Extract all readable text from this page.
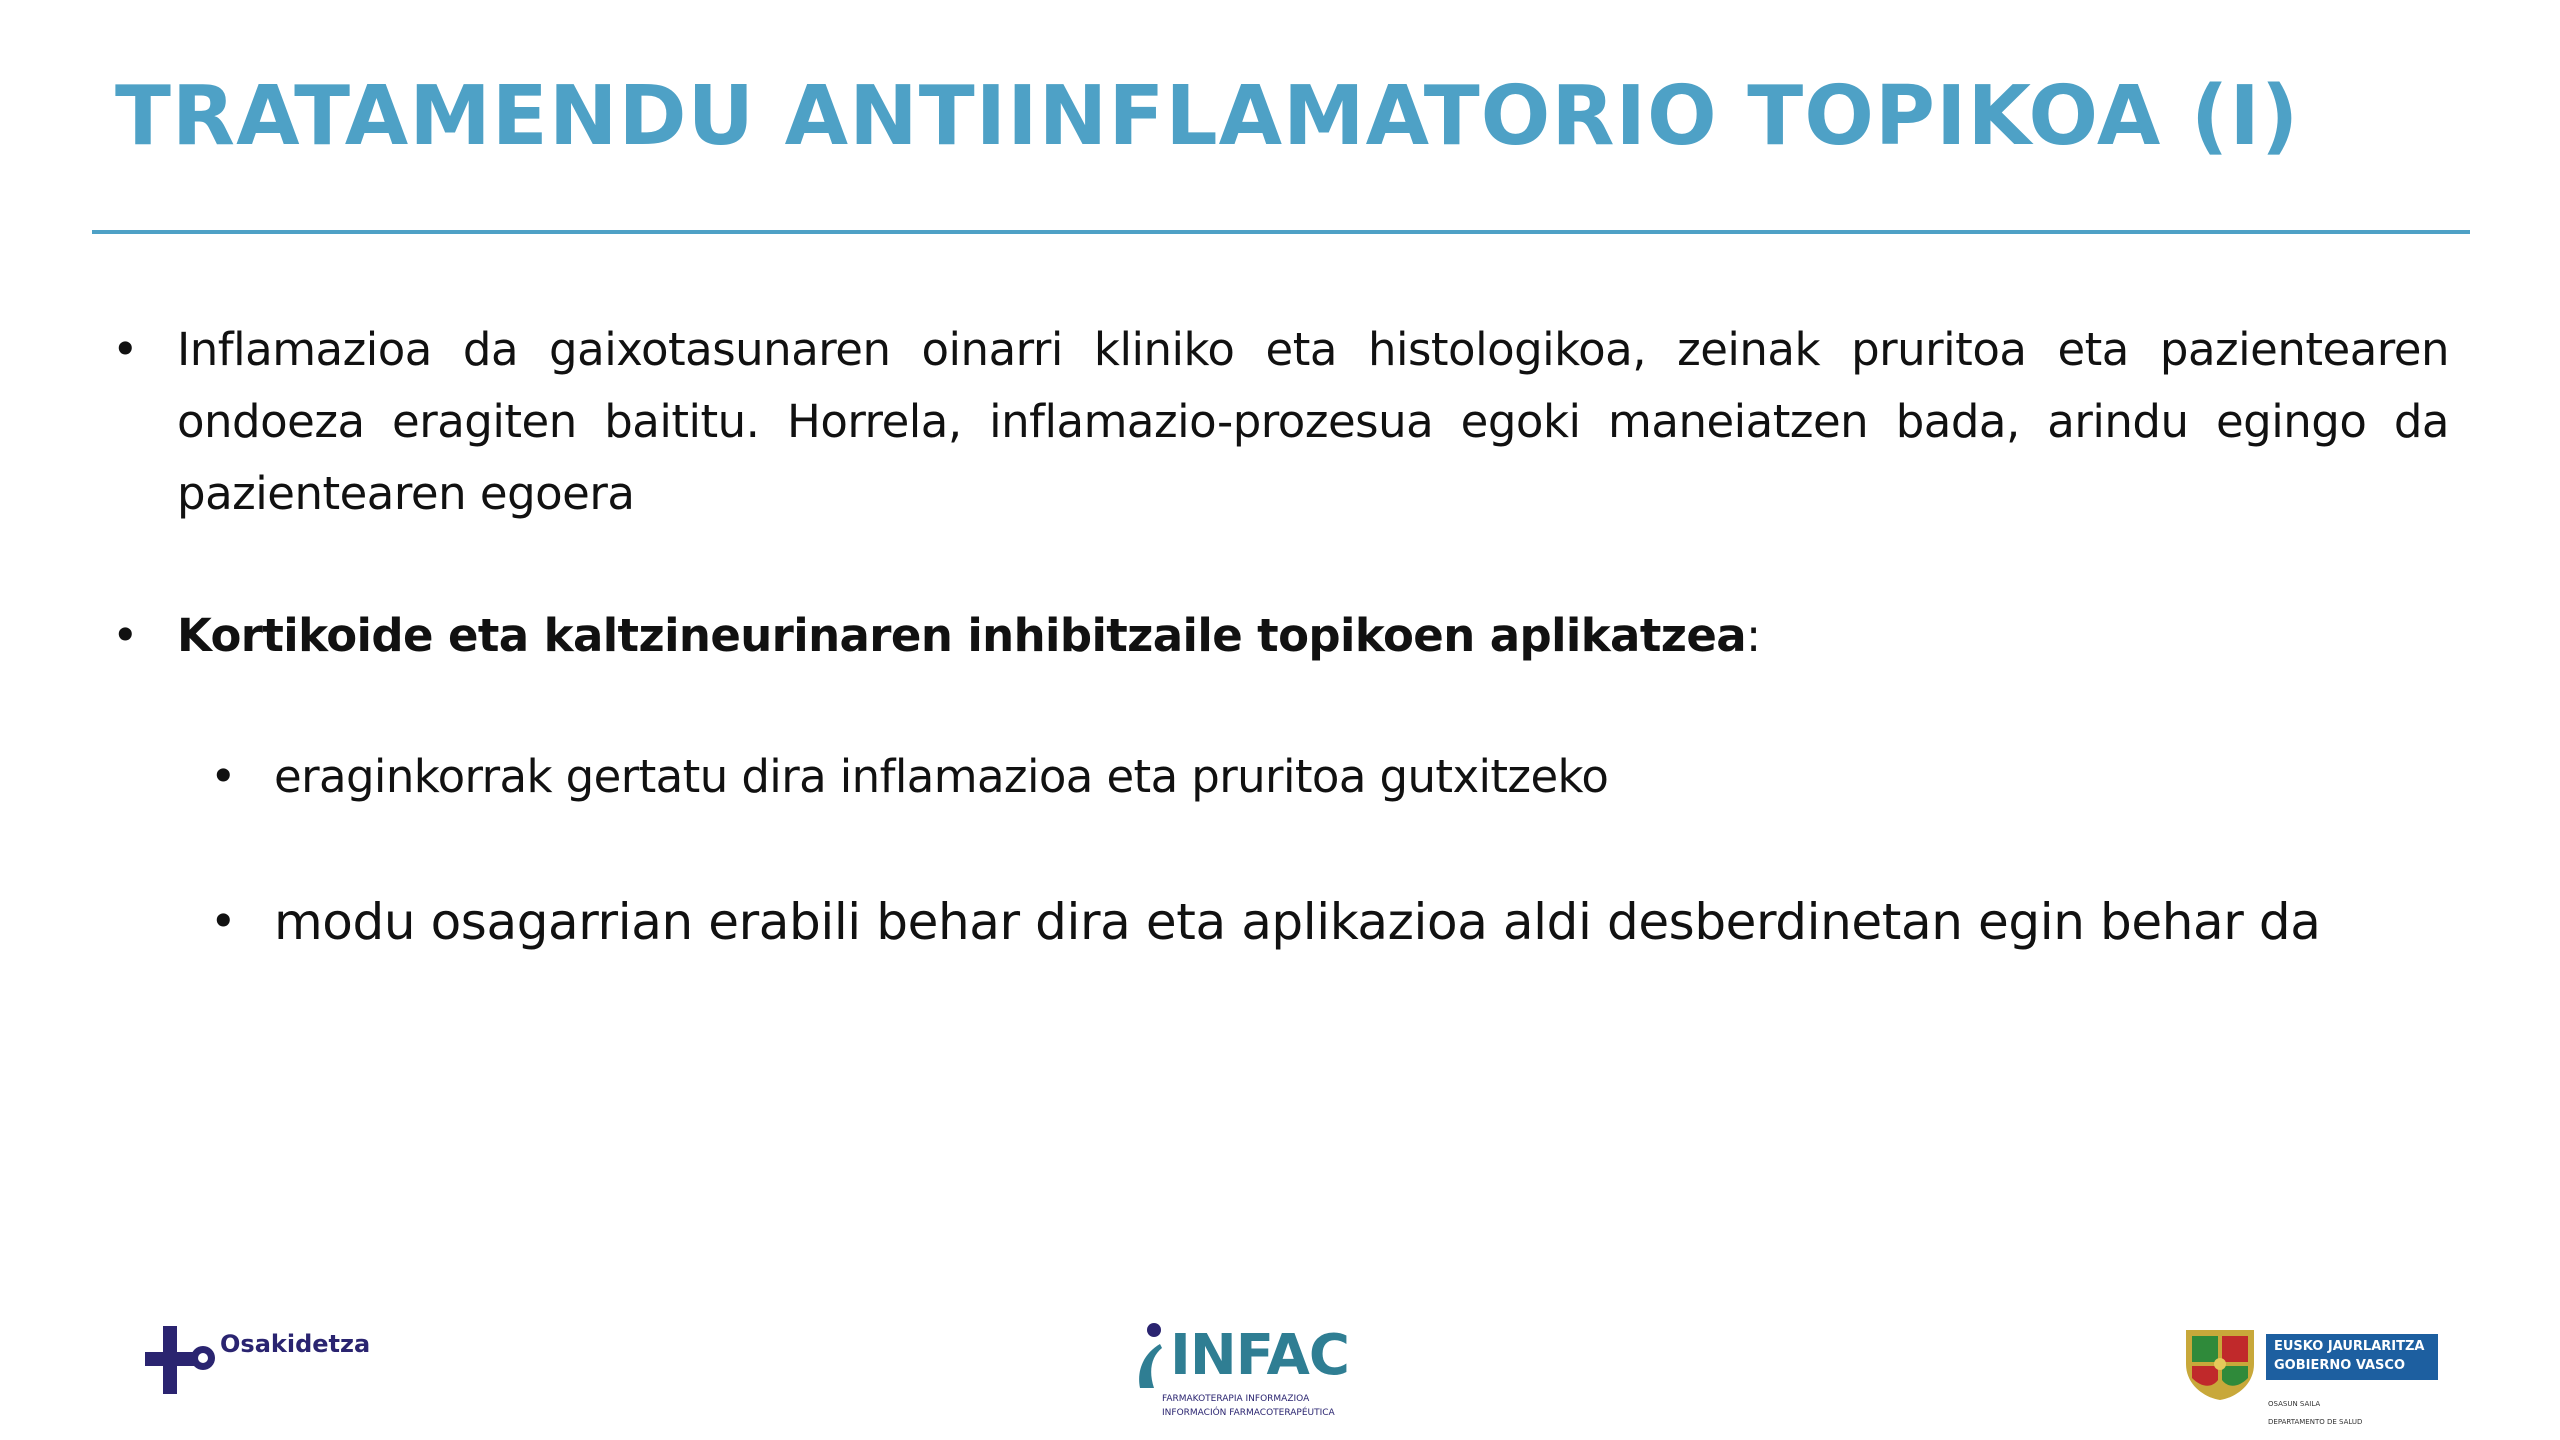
TRATAMENDU ANTIINFLAMATORIO TOPIKOA (I)
• Inflamazioa da gaixotasunaren oinarri kliniko eta histologikoa, zeinak pruritoa eta pazientearen ondoeza eragiten baititu. Horrela, inflamazio-prozesua egoki maneiatzen bada, arindu egingo da pazientearen egoera
• Kortikoide eta kaltzineurinaren inhibitzaile topikoen aplikatzea:
• eraginkorrak gertatu dira inflamazioa eta pruritoa gutxitzeko
• modu osagarrian erabili behar dira eta aplikazioa aldi desberdinetan egin behar da
Osakidetza	INFAC
FARMAKOTERAPIA INFORMAZIOA
INFORMACIÓN FARMACOTERAPÉUTICA
EUSKO JAURLARITZA
GOBIERNO VASCO
OSASUN SAILA
DEPARTAMENTO DE SALUD
